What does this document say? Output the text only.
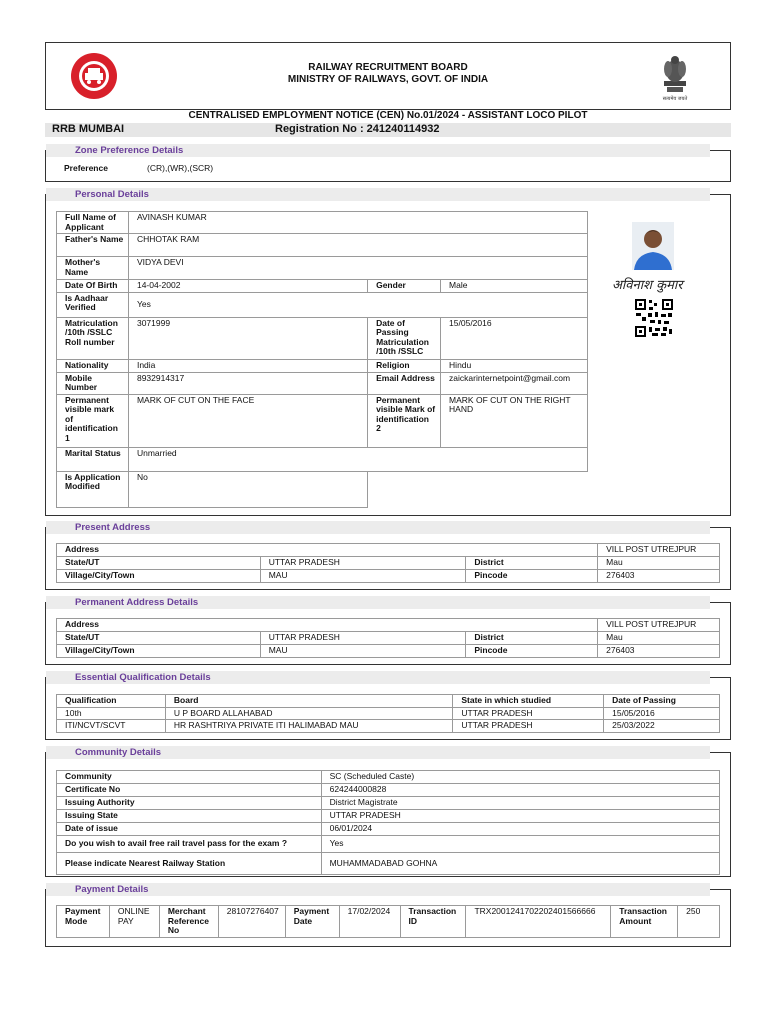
RAILWAY RECRUITMENT BOARD
MINISTRY OF RAILWAYS, GOVT. OF INDIA
सत्यमेव जयते
CENTRALISED EMPLOYMENT NOTICE (CEN) No.01/2024 - ASSISTANT LOCO PILOT
RRB MUMBAI	Registration No : 241240114932
Zone Preference Details
Preference	(CR),(WR),(SCR)
Personal Details
Full Name of Applicant	AVINASH KUMAR		
Father's Name	CHHOTAK RAM		
Mother's Name	VIDYA DEVI		
Date Of Birth	14-04-2002	Gender	Male
Is Aadhaar Verified	Yes		
Matriculation /10th /SSLC Roll number	3071999	Date of Passing Matriculation /10th /SSLC	15/05/2016
Nationality	India	Religion	Hindu
Mobile Number	8932914317	Email Address	zaickarinternetpoint@gmail.com
Permanent visible mark of identification 1	MARK OF CUT ON THE FACE	Permanent visible Mark of identification 2	MARK OF CUT ON THE RIGHT HAND
Marital Status	Unmarried		
Is Application Modified	No		
अविनाश कुमार
Present Address
Address	VILL POST UTREJPUR
State/UT	UTTAR PRADESH	District	Mau
Village/City/Town	MAU	Pincode	276403
Permanent Address Details
Address	VILL POST UTREJPUR
State/UT	UTTAR PRADESH	District	Mau
Village/City/Town	MAU	Pincode	276403
Essential Qualification Details
Qualification	Board	State in which studied	Date of Passing
10th	U P BOARD ALLAHABAD	UTTAR PRADESH	15/05/2016
ITI/NCVT/SCVT	HR RASHTRIYA PRIVATE ITI HALIMABAD MAU	UTTAR PRADESH	25/03/2022
Community Details
Community	SC (Scheduled Caste)
Certificate No	624244000828
Issuing Authority	District Magistrate
Issuing State	UTTAR PRADESH
Date of issue	06/01/2024
Do you wish to avail free rail travel pass for the exam ?	Yes
Please indicate Nearest Railway Station	MUHAMMADABAD GOHNA
Payment Details
Payment Mode	ONLINE PAY	Merchant Reference No	28107276407	Payment Date	17/02/2024	Transaction ID	TRX2001241702202401566666	Transaction Amount	250
